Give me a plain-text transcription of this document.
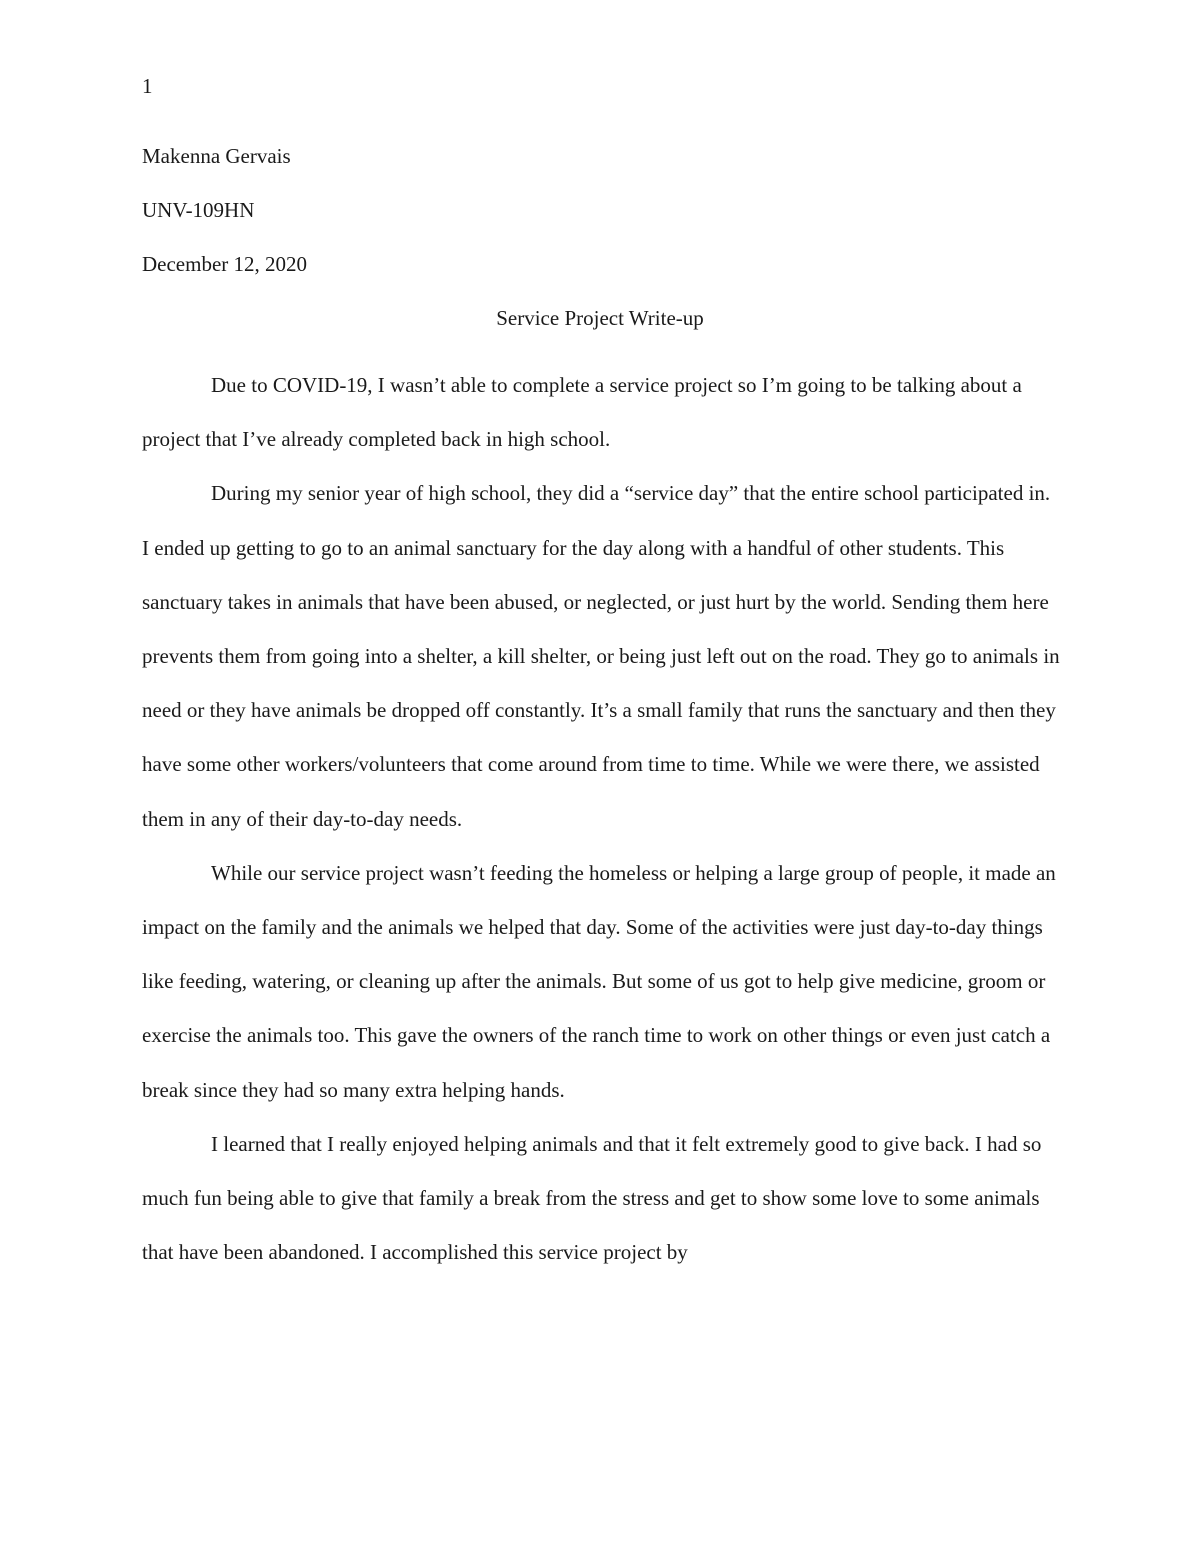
1

Makenna Gervais

UNV-109HN

December 12, 2020

Service Project Write-up

Due to COVID-19, I wasn’t able to complete a service project so I’m going to be talking about a project that I’ve already completed back in high school.

During my senior year of high school, they did a “service day” that the entire school participated in. I ended up getting to go to an animal sanctuary for the day along with a handful of other students. This sanctuary takes in animals that have been abused, or neglected, or just hurt by the world. Sending them here prevents them from going into a shelter, a kill shelter, or being just left out on the road. They go to animals in need or they have animals be dropped off constantly. It’s a small family that runs the sanctuary and then they have some other workers/volunteers that come around from time to time. While we were there, we assisted them in any of their day-to-day needs.

While our service project wasn’t feeding the homeless or helping a large group of people, it made an impact on the family and the animals we helped that day. Some of the activities were just day-to-day things like feeding, watering, or cleaning up after the animals. But some of us got to help give medicine, groom or exercise the animals too. This gave the owners of the ranch time to work on other things or even just catch a break since they had so many extra helping hands.

I learned that I really enjoyed helping animals and that it felt extremely good to give back. I had so much fun being able to give that family a break from the stress and get to show some love to some animals that have been abandoned. I accomplished this service project by
